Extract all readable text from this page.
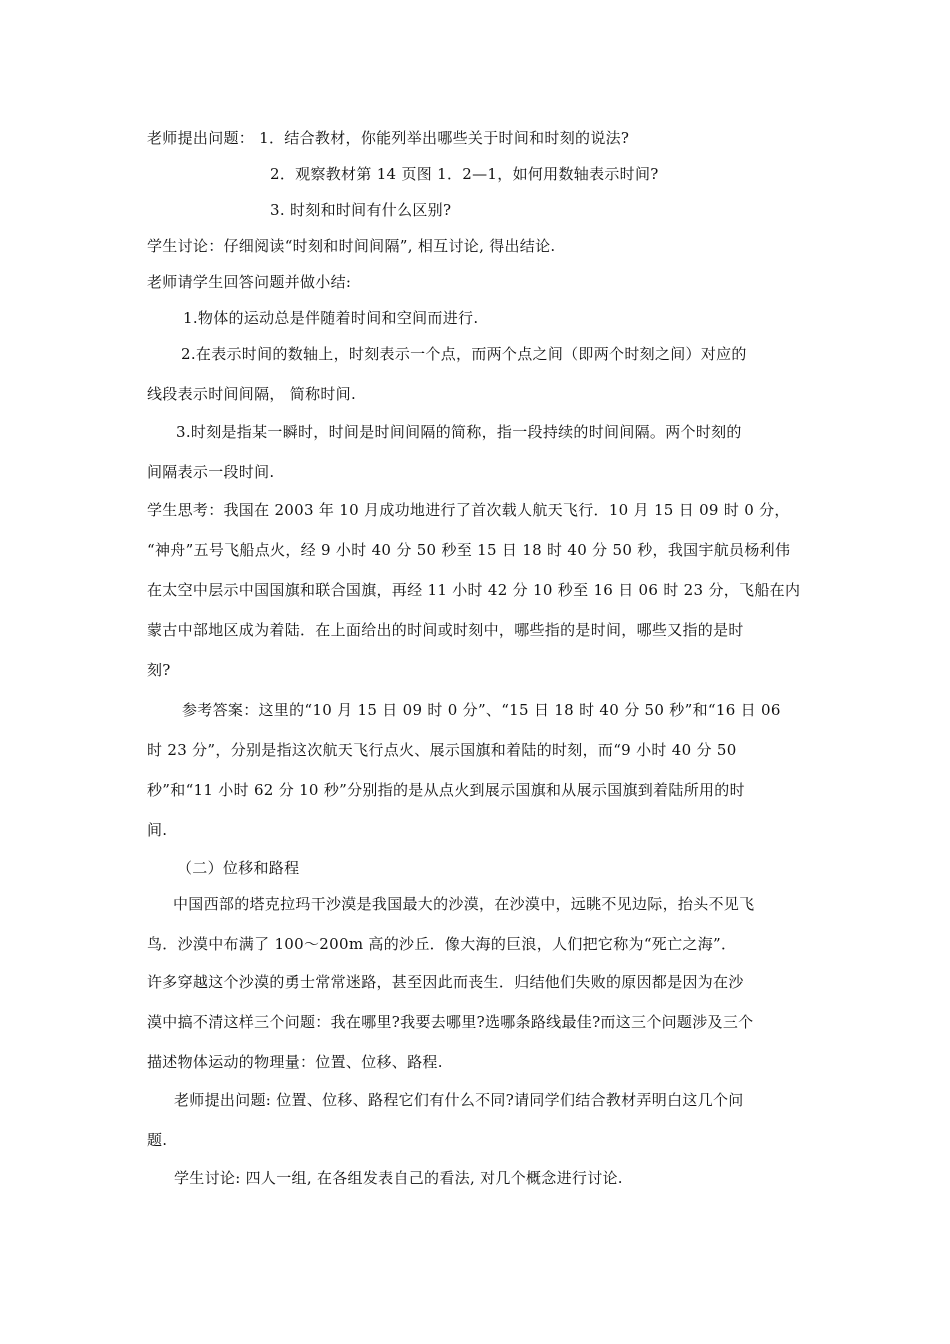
老师提出问题： 1．结合教材，你能列举出哪些关于时间和时刻的说法?
2．观察教材第 14 页图 1．2—1，如何用数轴表示时间?
3. 时刻和时间有什么区别?
学生讨论：仔细阅读“时刻和时间间隔”, 相互讨论, 得出结论.
老师请学生回答问题并做小结:
1.物体的运动总是伴随着时间和空间而进行.
2.在表示时间的数轴上，时刻表示一个点，而两个点之间（即两个时刻之间）对应的
线段表示时间间隔， 简称时间.
3.时刻是指某一瞬时，时间是时间间隔的简称，指一段持续的时间间隔。两个时刻的
间隔表示一段时间.
学生思考：我国在 2003 年 10 月成功地进行了首次载人航天飞行．10 月 15 日 09 时 0 分，
“神舟”五号飞船点火，经 9 小时 40 分 50 秒至 15 日 18 时 40 分 50 秒，我国宇航员杨利伟
在太空中层示中国国旗和联合国旗，再经 11 小时 42 分 10 秒至 16 日 06 时 23 分，飞船在内
蒙古中部地区成为着陆．在上面给出的时间或时刻中，哪些指的是时间，哪些又指的是时
刻?
参考答案：这里的“10 月 15 日 09 时 0 分”、“15 日 18 时 40 分 50 秒”和“16 日 06
时 23 分”，分别是指这次航天飞行点火、展示国旗和着陆的时刻，而“9 小时 40 分 50
秒”和“11 小时 62 分 10 秒”分别指的是从点火到展示国旗和从展示国旗到着陆所用的时
间.
（二）位移和路程
中国西部的塔克拉玛干沙漠是我国最大的沙漠，在沙漠中，远眺不见边际，抬头不见飞
鸟．沙漠中布满了 100～200m 高的沙丘．像大海的巨浪，人们把它称为“死亡之海”．
许多穿越这个沙漠的勇士常常迷路，甚至因此而丧生．归结他们失败的原因都是因为在沙
漠中搞不清这样三个问题：我在哪里?我要去哪里?选哪条路线最佳?而这三个问题涉及三个
描述物体运动的物理量：位置、位移、路程.
老师提出问题: 位置、位移、路程它们有什么不同?请同学们结合教材弄明白这几个问
题.
学生讨论: 四人一组, 在各组发表自己的看法, 对几个概念进行讨论.
